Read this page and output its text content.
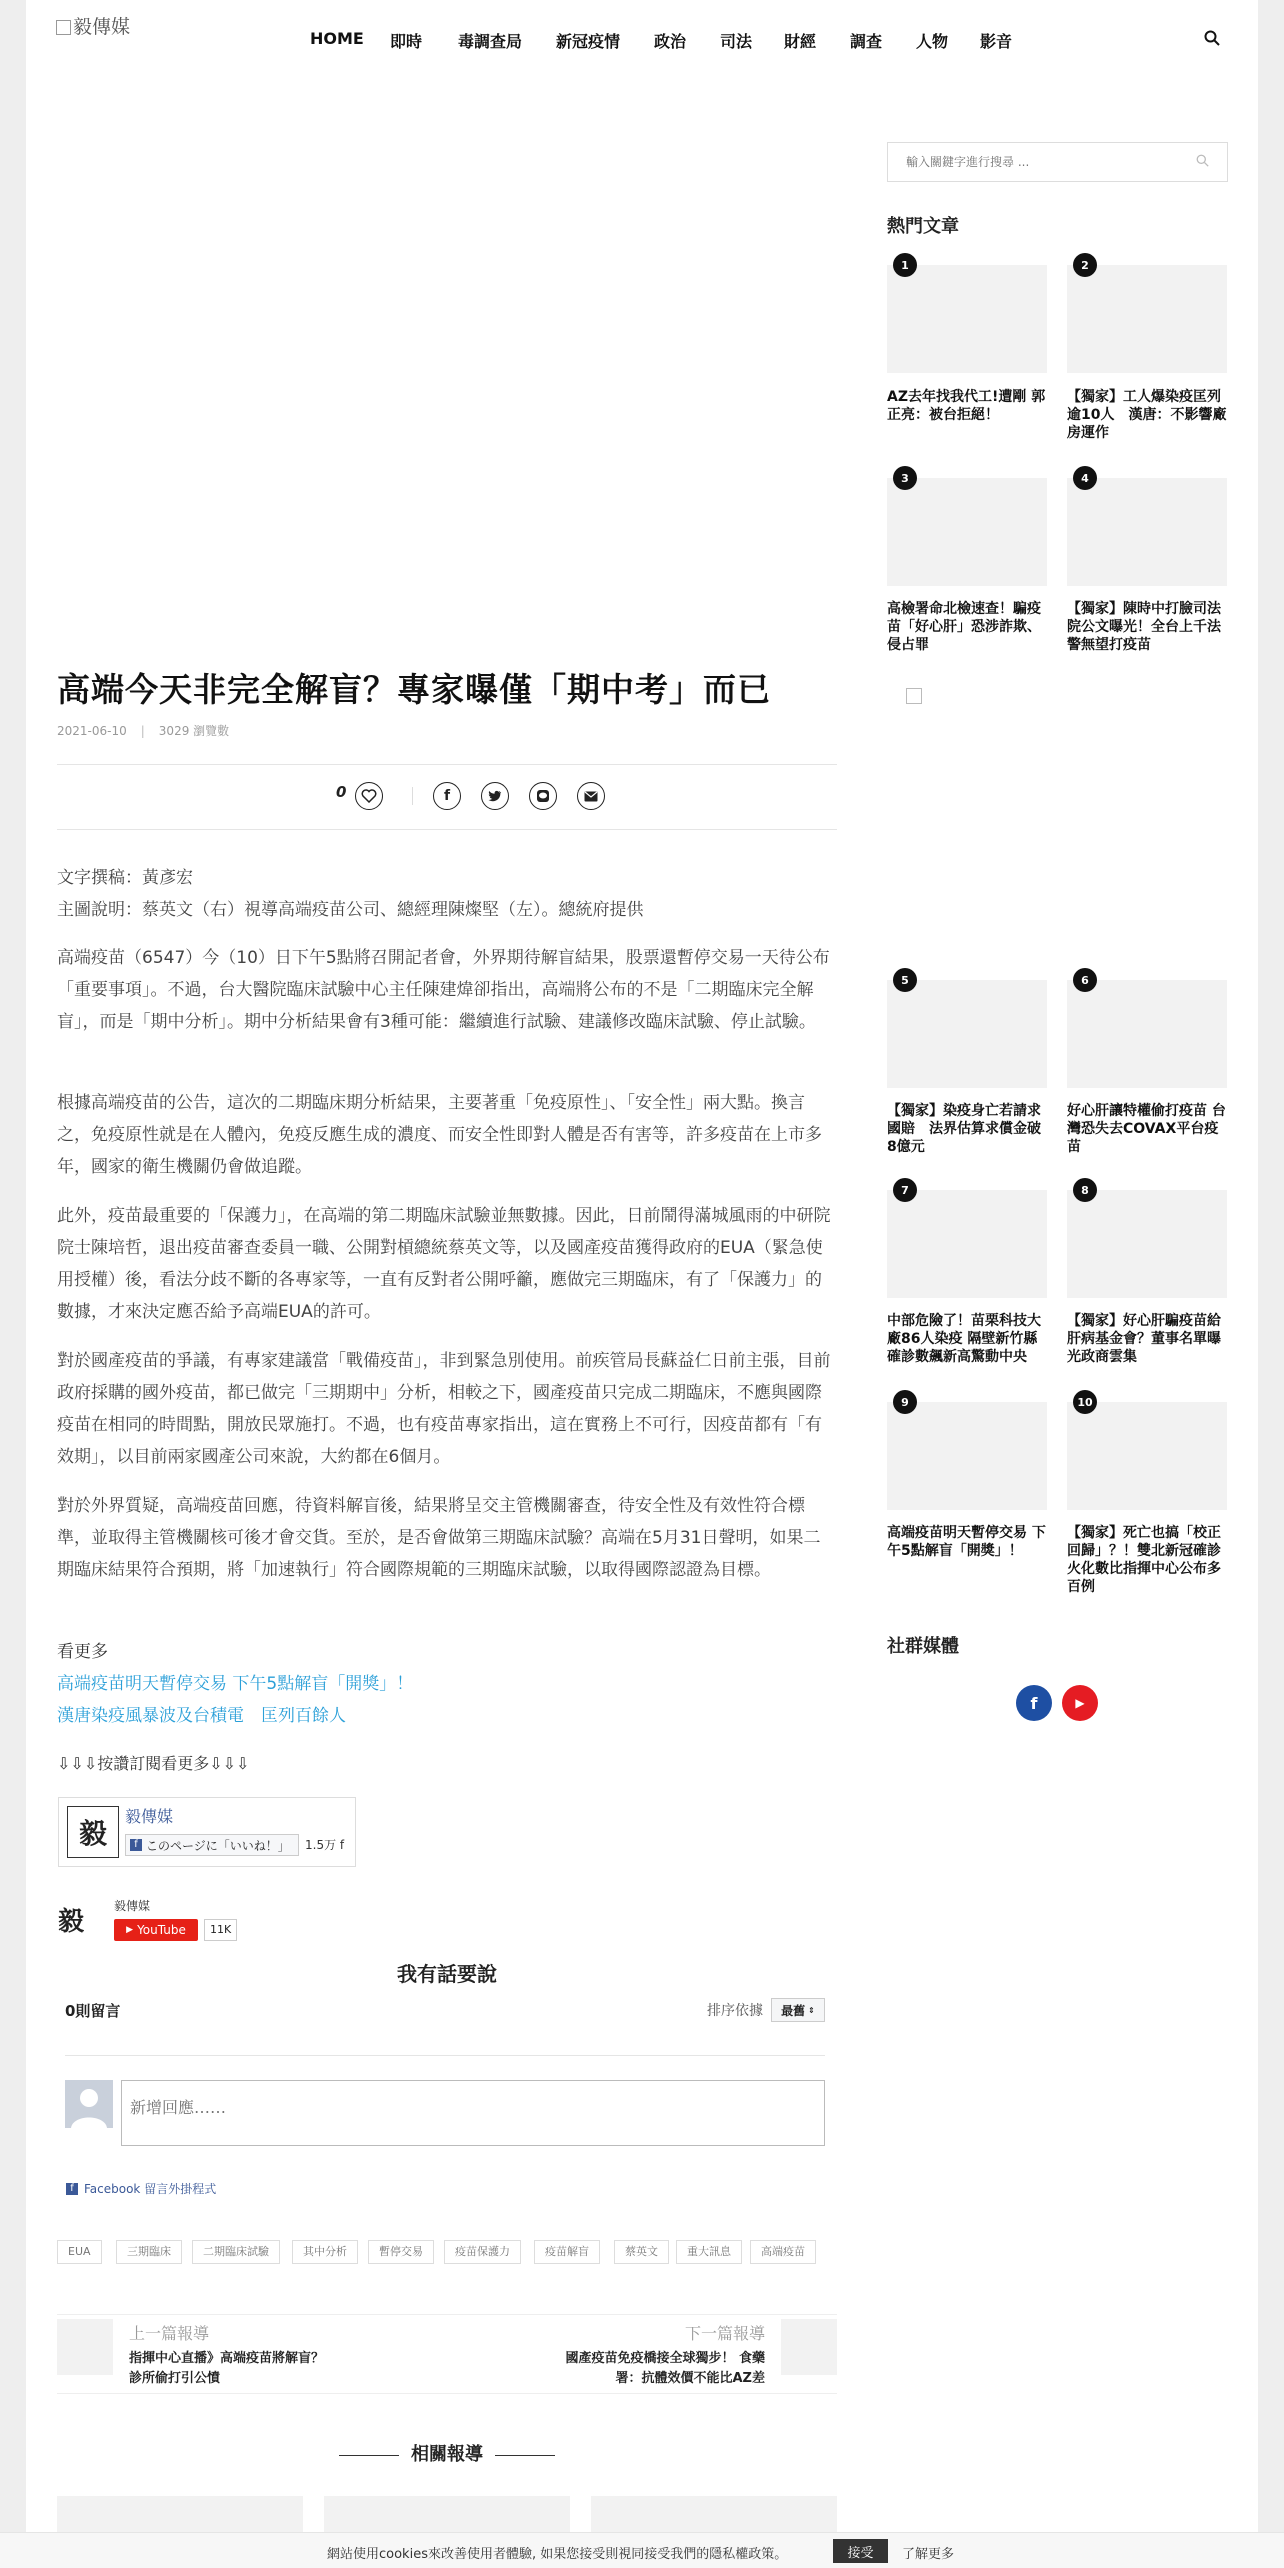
毅傳媒
HOME 即時 毒調查局 新冠疫情 政治 司法 財經 調查 人物 影音
高端今天非完全解盲？專家曝僅「期中考」而已
2021-06-10 | 3029 瀏覽數
0	f
文字撰稿：黃彥宏
主圖說明：蔡英文（右）視導高端疫苗公司、總經理陳燦堅（左）。總統府提供
高端疫苗（6547）今（10）日下午5點將召開記者會，外界期待解盲結果，股票還暫停交易一天待公布「重要事項」。不過，台大醫院臨床試驗中心主任陳建煒卻指出，高端將公布的不是「二期臨床完全解盲」，而是「期中分析」。期中分析結果會有3種可能：繼續進行試驗、建議修改臨床試驗、停止試驗。
根據高端疫苗的公告，這次的二期臨床期分析結果，主要著重「免疫原性」、「安全性」兩大點。換言之，免疫原性就是在人體內，免疫反應生成的濃度、而安全性即對人體是否有害等，許多疫苗在上市多年，國家的衛生機關仍會做追蹤。
此外，疫苗最重要的「保護力」，在高端的第二期臨床試驗並無數據。因此，日前鬧得滿城風雨的中研院院士陳培哲，退出疫苗審查委員一職、公開對槓總統蔡英文等，以及國產疫苗獲得政府的EUA（緊急使用授權）後，看法分歧不斷的各專家等，一直有反對者公開呼籲，應做完三期臨床，有了「保護力」的數據，才來決定應否給予高端EUA的許可。
對於國產疫苗的爭議，有專家建議當「戰備疫苗」，非到緊急別使用。前疾管局長蘇益仁日前主張，目前政府採購的國外疫苗，都已做完「三期期中」分析，相較之下，國產疫苗只完成二期臨床，不應與國際疫苗在相同的時間點，開放民眾施打。不過，也有疫苗專家指出，這在實務上不可行，因疫苗都有「有效期」，以目前兩家國產公司來說，大約都在6個月。
對於外界質疑，高端疫苗回應，待資料解盲後，結果將呈交主管機關審查，待安全性及有效性符合標準，並取得主管機關核可後才會交貨。至於，是否會做第三期臨床試驗？高端在5月31日聲明，如果二期臨床結果符合預期，將「加速執行」符合國際規範的三期臨床試驗，以取得國際認證為目標。
看更多
高端疫苗明天暫停交易 下午5點解盲「開獎」！
漢唐染疫風暴波及台積電　匡列百餘人
⇩⇩⇩按讚訂閱看更多⇩⇩⇩
毅
毅傳媒
f このページに「いいね！」 1.5万 f
毅
毅傳媒
▶ YouTube	11K
我有話要說
0則留言	排序依據 最舊 ⇕
新增回應……
f Facebook 留言外掛程式
EUA	三期臨床	二期臨床試驗	其中分析	暫停交易	疫苗保護力	疫苗解盲	蔡英文	重大訊息	高端疫苗
上一篇報導
指揮中心直播》高端疫苗將解盲？　診所偷打引公憤
下一篇報導
國產疫苗免疫橋接全球獨步！ 食藥署：抗體效價不能比AZ差
相關報導
輸入關鍵字進行搜尋 ...
熱門文章
1
AZ去年找我代工!遭剛 郭正亮：被台拒絕！
2
【獨家】工人爆染疫匡列逾10人　漢唐：不影響廠房運作
3
高檢署命北檢速查！騙疫苗「好心肝」恐涉詐欺、侵占罪
4
【獨家】陳時中打臉司法院公文曝光！全台上千法警無望打疫苗
5
【獨家】染疫身亡若請求國賠　法界估算求償金破8億元
6
好心肝讓特權偷打疫苗 台灣恐失去COVAX平台疫苗
7
中部危險了！苗栗科技大廠86人染疫 隔壁新竹縣確診數飆新高驚動中央
8
【獨家】好心肝騙疫苗給肝病基金會？董事名單曝光政商雲集
9
高端疫苗明天暫停交易 下午5點解盲「開獎」！
10
【獨家】死亡也搞「校正回歸」？！雙北新冠確診火化數比指揮中心公布多百例
社群媒體
f	▶
網站使用cookies來改善使用者體驗, 如果您接受則視同接受我們的隱私權政策。	接受	了解更多
